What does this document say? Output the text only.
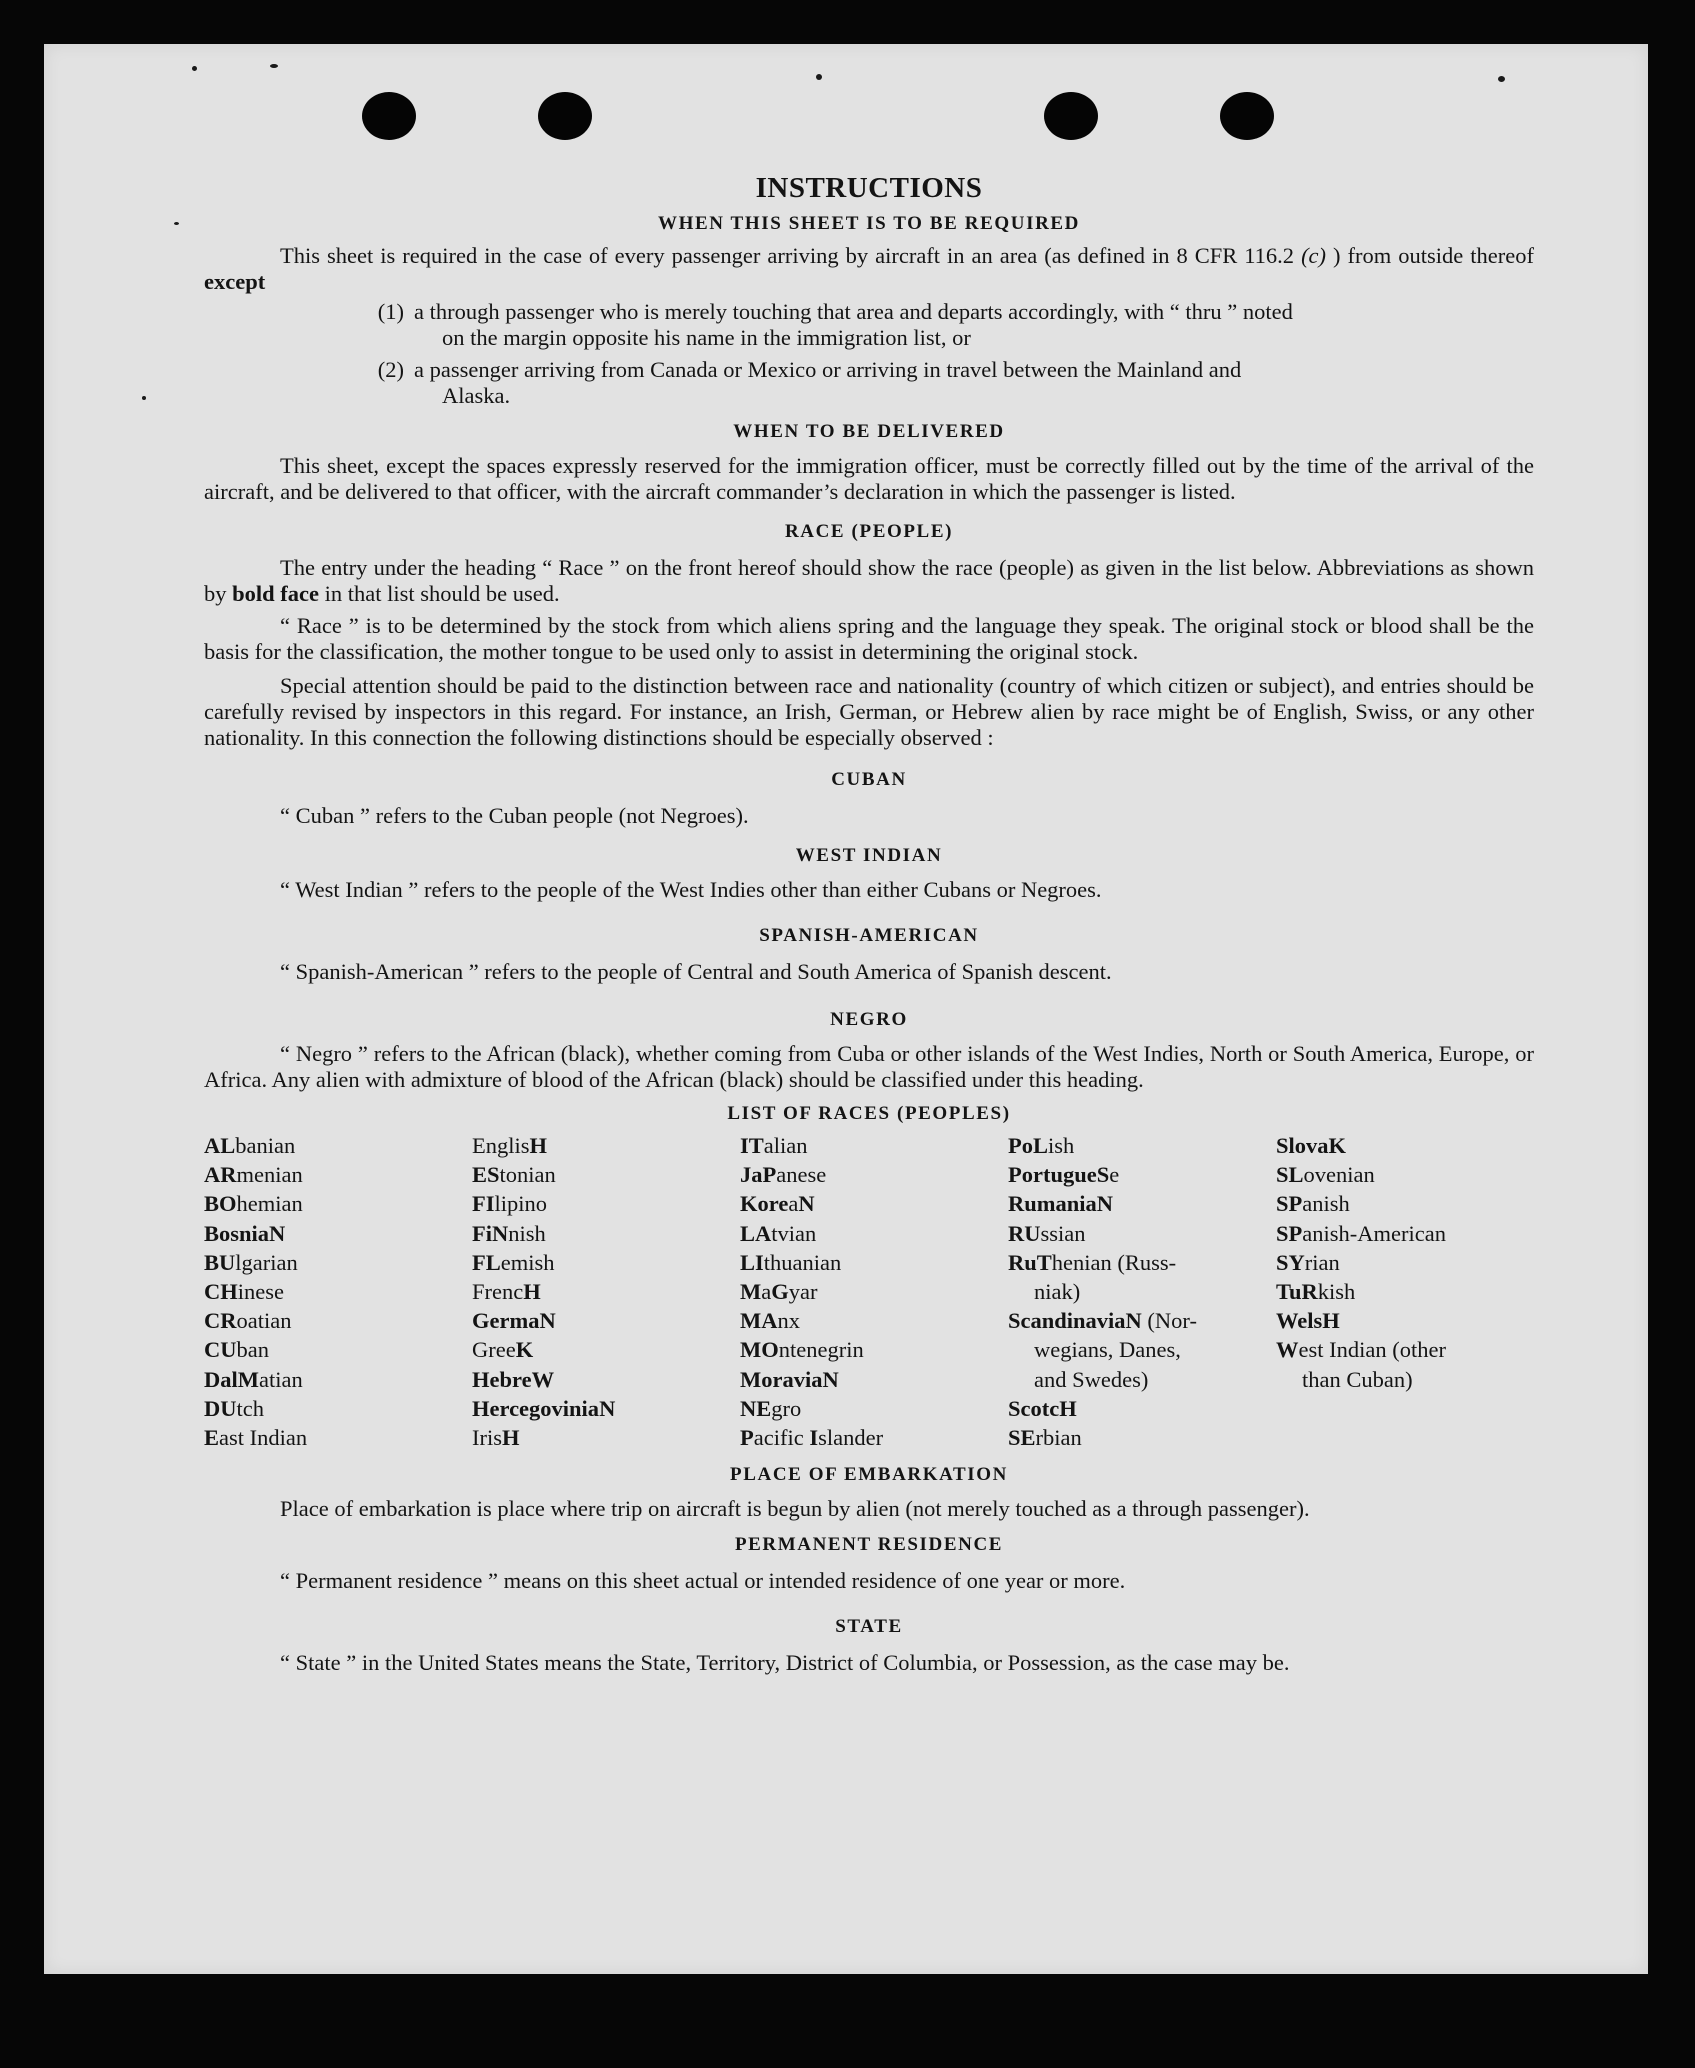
INSTRUCTIONS
WHEN THIS SHEET IS TO BE REQUIRED

This sheet is required in the case of every passenger arriving by aircraft in an area (as defined in 8 CFR 116.2 (c) ) from outside thereof except

(1) a through passenger who is merely touching that area and departs accordingly, with “ thru ” noted
on the margin opposite his name in the immigration list, or
(2) a passenger arriving from Canada or Mexico or arriving in travel between the Mainland and
Alaska.
WHEN TO BE DELIVERED

This sheet, except the spaces expressly reserved for the immigration officer, must be correctly filled out by the time of the arrival of the aircraft, and be delivered to that officer, with the aircraft commander’s declaration in which the passenger is listed.

RACE (PEOPLE)

The entry under the heading “ Race ” on the front hereof should show the race (people) as given in the list below. Abbreviations as shown by bold face in that list should be used.

“ Race ” is to be determined by the stock from which aliens spring and the language they speak. The original stock or blood shall be the basis for the classification, the mother tongue to be used only to assist in determining the original stock.

Special attention should be paid to the distinction between race and nationality (country of which citizen or subject), and entries should be carefully revised by inspectors in this regard. For instance, an Irish, German, or Hebrew alien by race might be of English, Swiss, or any other nationality. In this connection the following distinctions should be especially observed :

CUBAN

“ Cuban ” refers to the Cuban people (not Negroes).

WEST INDIAN

“ West Indian ” refers to the people of the West Indies other than either Cubans or Negroes.

SPANISH-AMERICAN

“ Spanish-American ” refers to the people of Central and South America of Spanish descent.

NEGRO

“ Negro ” refers to the African (black), whether coming from Cuba or other islands of the West Indies, North or South America, Europe, or Africa. Any alien with admixture of blood of the African (black) should be classified under this heading.

LIST OF RACES (PEOPLES)
ALbanian
ARmenian
BOhemian
BosniaN
BUlgarian
CHinese
CRoatian
CUban
DalMatian
DUtch
East Indian
EnglisH
EStonian
FIlipino
FiNnish
FLemish
FrencH
GermaN
GreeK
HebreW
HercegoviniaN
IrisH
ITalian
JaPanese
KoreaN
LAtvian
LIthuanian
MaGyar
MAnx
MOntenegrin
MoraviaN
NEgro
Pacific Islander
PoLish
PortugueSe
RumaniaN
RUssian
RuThenian (Russ-
niak)
ScandinaviaN (Nor-
wegians, Danes,
and Swedes)
ScotcH
SErbian
SlovaK
SLovenian
SPanish
SPanish-American
SYrian
TuRkish
WelsH
West Indian (other
than Cuban)
PLACE OF EMBARKATION

Place of embarkation is place where trip on aircraft is begun by alien (not merely touched as a through passenger).

PERMANENT RESIDENCE

“ Permanent residence ” means on this sheet actual or intended residence of one year or more.

STATE

“ State ” in the United States means the State, Territory, District of Columbia, or Possession, as the case may be.
